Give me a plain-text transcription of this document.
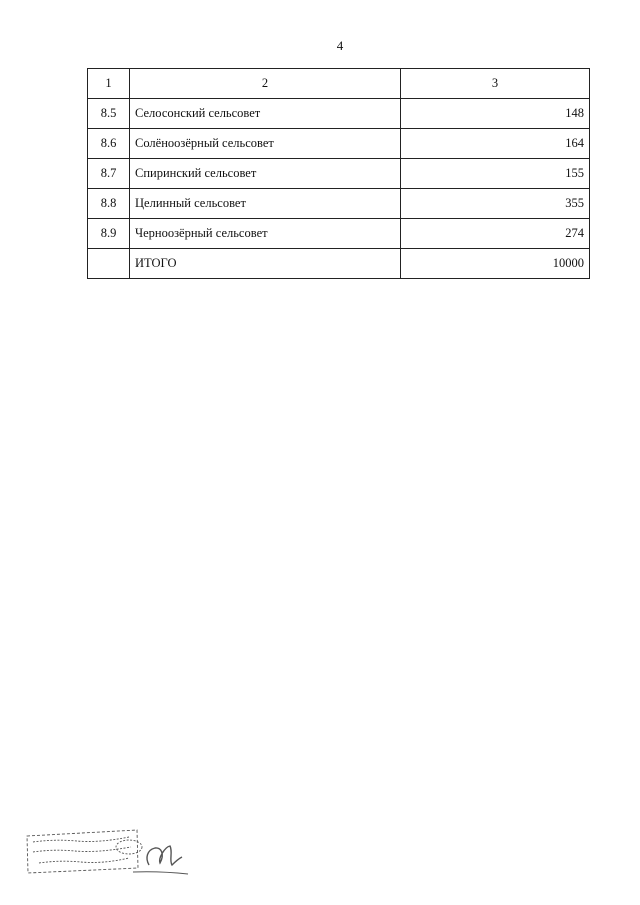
4
1	2	3
8.5	Селосонский сельсовет	148
8.6	Солёноозёрный сельсовет	164
8.7	Спиринский сельсовет	155
8.8	Целинный сельсовет	355
8.9	Черноозёрный сельсовет	274
	ИТОГО	10000
